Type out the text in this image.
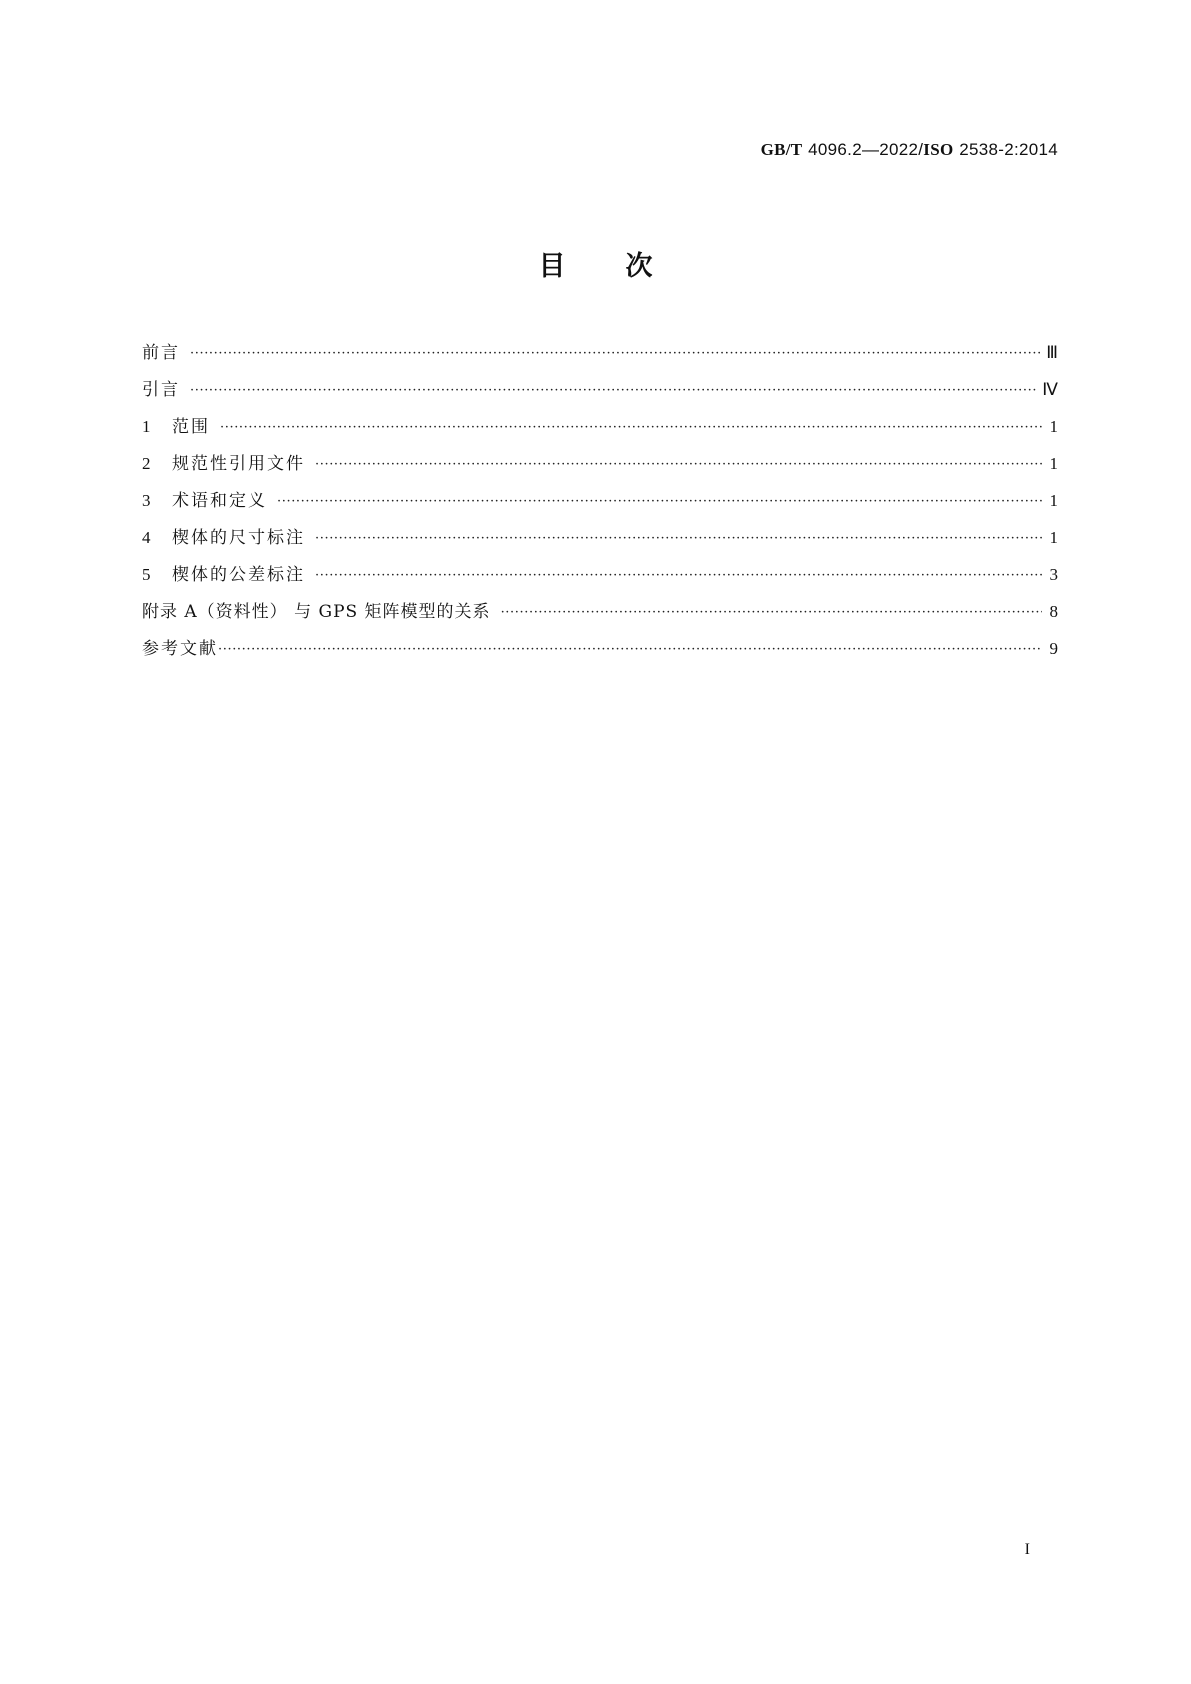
GB/T 4096.2—2022/ISO 2538-2:2014
目 次
前言 ·····	Ⅲ
引言 ·····	Ⅳ
1	范围 ·····	1
2	规范性引用文件 ·····	1
3	术语和定义 ·····	1
4	楔体的尺寸标注 ·····	1
5	楔体的公差标注 ·····	3
附录 A（资料性） 与 GPS 矩阵模型的关系 ·····	8
参考文献 ·····	9
I
